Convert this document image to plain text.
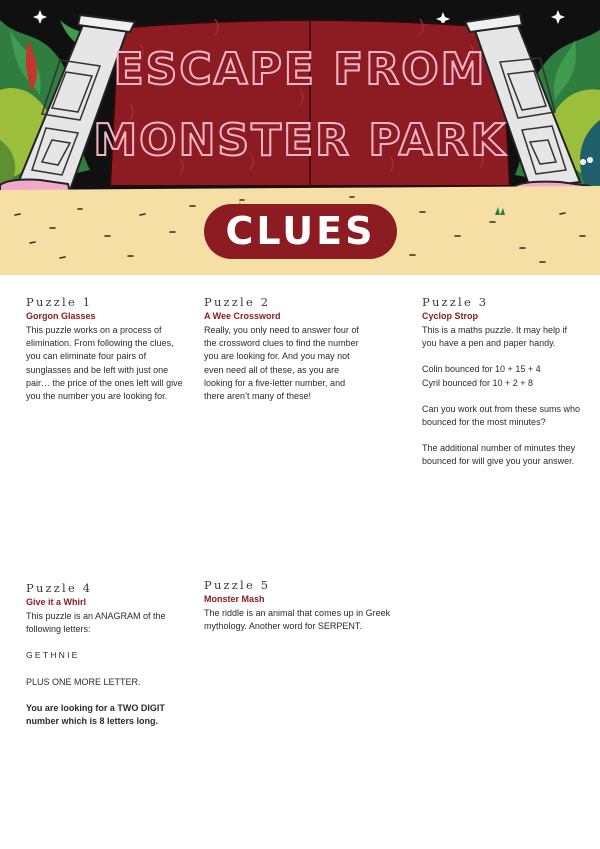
ESCAPE FROM
MONSTER PARK
CLUES
Puzzle 1
Gorgon Glasses

This puzzle works on a process of elimination. From following the clues, you can eliminate four pairs of sunglasses and be left with just one pair… the price of the ones left will give you the number you are looking for.

Puzzle 2
A Wee Crossword

Really, you only need to answer four of the crossword clues to find the number you are looking for. And you may not even need all of these, as you are looking for a five-letter number, and there aren’t many of these!

Puzzle 3
Cyclop Strop

This is a maths puzzle. It may help if you have a pen and paper handy.

Colin bounced for 10 + 15 + 4

Cyril bounced for 10 + 2 + 8

Can you work out from these sums who bounced for the most minutes?

The additional number of minutes they bounced for will give you your answer.

Puzzle 4
Give it a Whirl

This puzzle is an ANAGRAM of the following letters:

GETHNIE

PLUS ONE MORE LETTER.

You are looking for a TWO DIGIT number which is 8 letters long.

Puzzle 5
Monster Mash

The riddle is an animal that comes up in Greek mythology. Another word for SERPENT.
